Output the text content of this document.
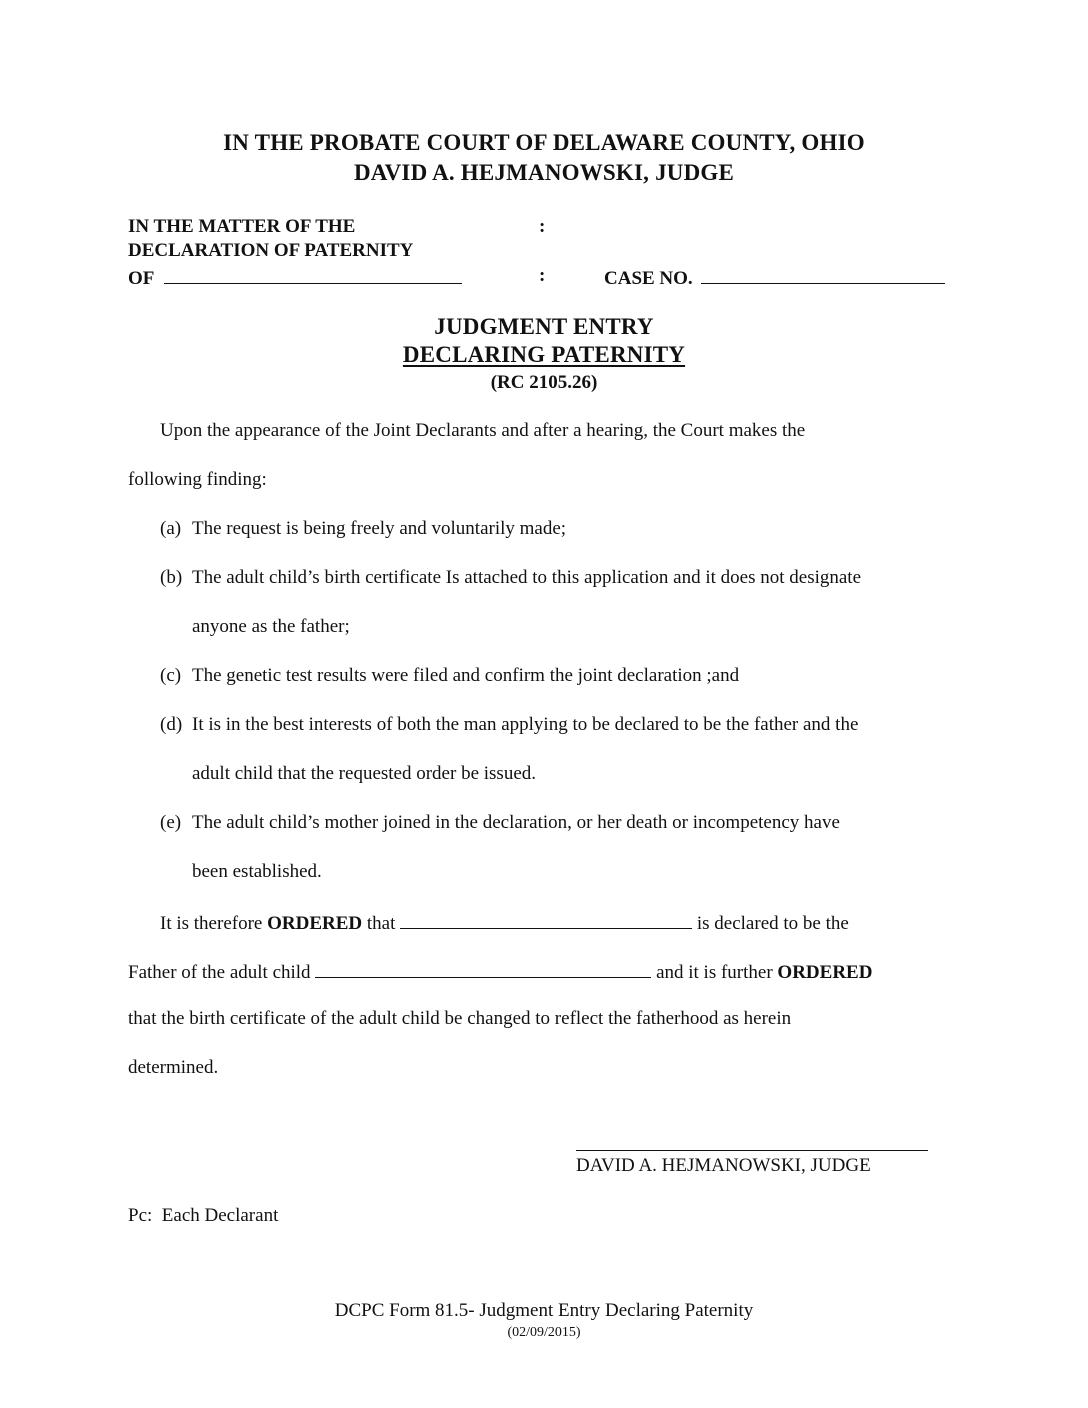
IN THE PROBATE COURT OF DELAWARE COUNTY, OHIO
DAVID A. HEJMANOWSKI, JUDGE
IN THE MATTER OF THE
DECLARATION OF PATERNITY
OF
:
:	CASE NO.
JUDGMENT ENTRY
DECLARING PATERNITY
(RC 2105.26)
Upon the appearance of the Joint Declarants and after a hearing, the Court makes the
following finding:
(a) The request is being freely and voluntarily made;
(b) The adult child’s birth certificate Is attached to this application and it does not designate
anyone as the father;
(c) The genetic test results were filed and confirm the joint declaration ;and
(d) It is in the best interests of both the man applying to be declared to be the father and the
adult child that the requested order be issued.
(e) The adult child’s mother joined in the declaration, or her death or incompetency have
been established.
It is therefore ORDERED that	is declared to be the
Father of the adult child	and it is further ORDERED
that the birth certificate of the adult child be changed to reflect the fatherhood as herein
determined.
DAVID A. HEJMANOWSKI, JUDGE
Pc: Each Declarant
DCPC Form 81.5- Judgment Entry Declaring Paternity
(02/09/2015)
